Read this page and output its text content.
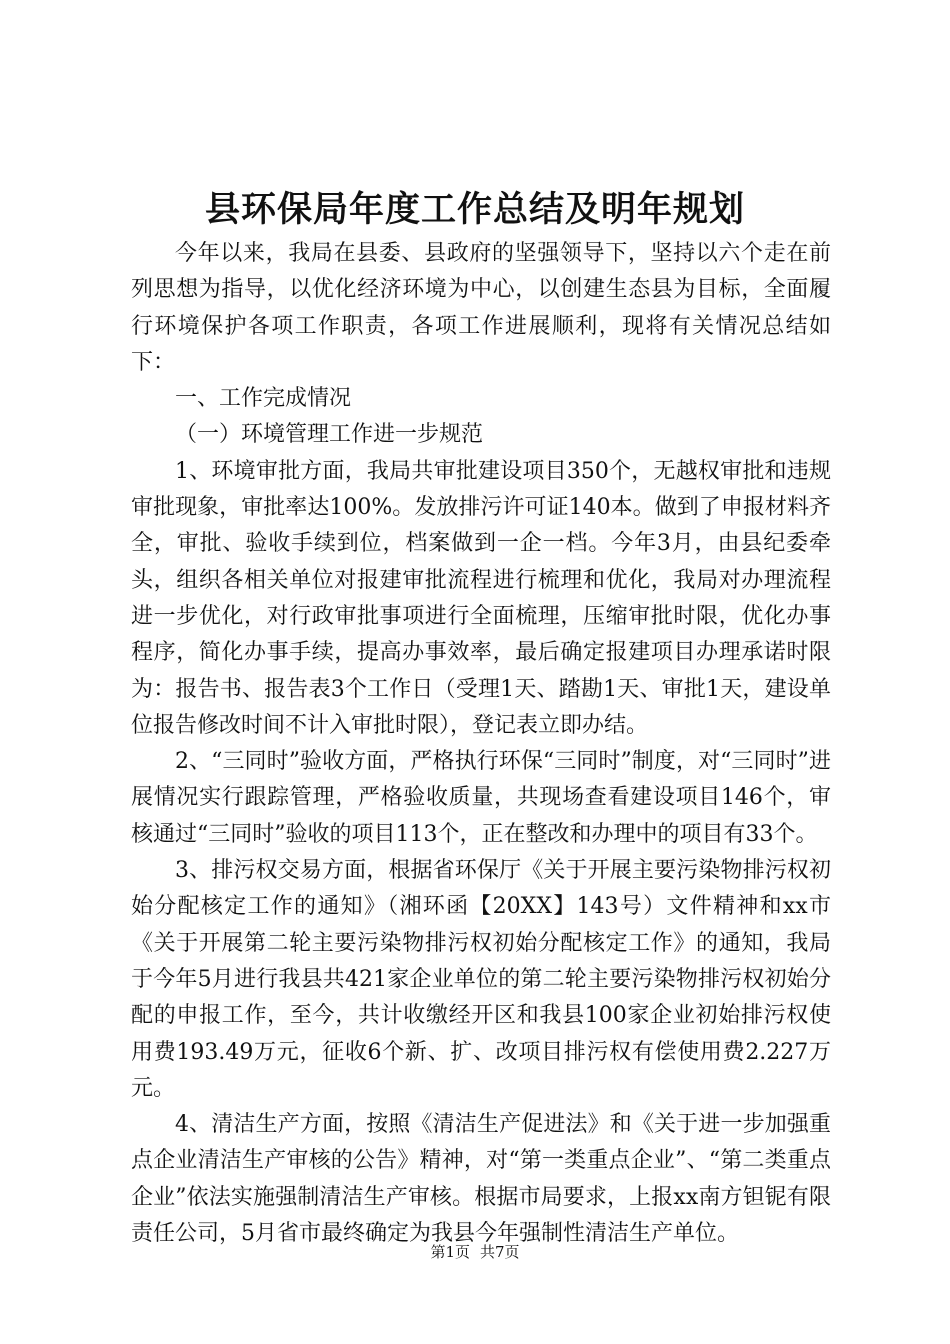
县环保局年度工作总结及明年规划

今年以来，我局在县委、县政府的坚强领导下，坚持以六个走在前列思想为指导，以优化经济环境为中心，以创建生态县为目标，全面履行环境保护各项工作职责，各项工作进展顺利，现将有关情况总结如下：

一、工作完成情况

（一）环境管理工作进一步规范

1、环境审批方面，我局共审批建设项目350个，无越权审批和违规审批现象，审批率达100%。发放排污许可证140本。做到了申报材料齐全，审批、验收手续到位，档案做到一企一档。今年3月，由县纪委牵头，组织各相关单位对报建审批流程进行梳理和优化，我局对办理流程进一步优化，对行政审批事项进行全面梳理，压缩审批时限，优化办事程序，简化办事手续，提高办事效率，最后确定报建项目办理承诺时限为：报告书、报告表3个工作日（受理1天、踏勘1天、审批1天，建设单位报告修改时间不计入审批时限），登记表立即办结。

2、“三同时”验收方面，严格执行环保“三同时”制度，对“三同时”进展情况实行跟踪管理，严格验收质量，共现场查看建设项目146个，审核通过“三同时”验收的项目113个，正在整改和办理中的项目有33个。

3、排污权交易方面，根据省环保厅《关于开展主要污染物排污权初始分配核定工作的通知》（湘环函【20XX】143号）文件精神和xx市《关于开展第二轮主要污染物排污权初始分配核定工作》的通知，我局于今年5月进行我县共421家企业单位的第二轮主要污染物排污权初始分配的申报工作，至今，共计收缴经开区和我县100家企业初始排污权使用费193.49万元，征收6个新、扩、改项目排污权有偿使用费2.227万元。

4、清洁生产方面，按照《清洁生产促进法》和《关于进一步加强重点企业清洁生产审核的公告》精神，对“第一类重点企业”、“第二类重点企业”依法实施强制清洁生产审核。根据市局要求，上报xx南方钽铌有限责任公司，5月省市最终确定为我县今年强制性清洁生产单位。

第1页 共7页
